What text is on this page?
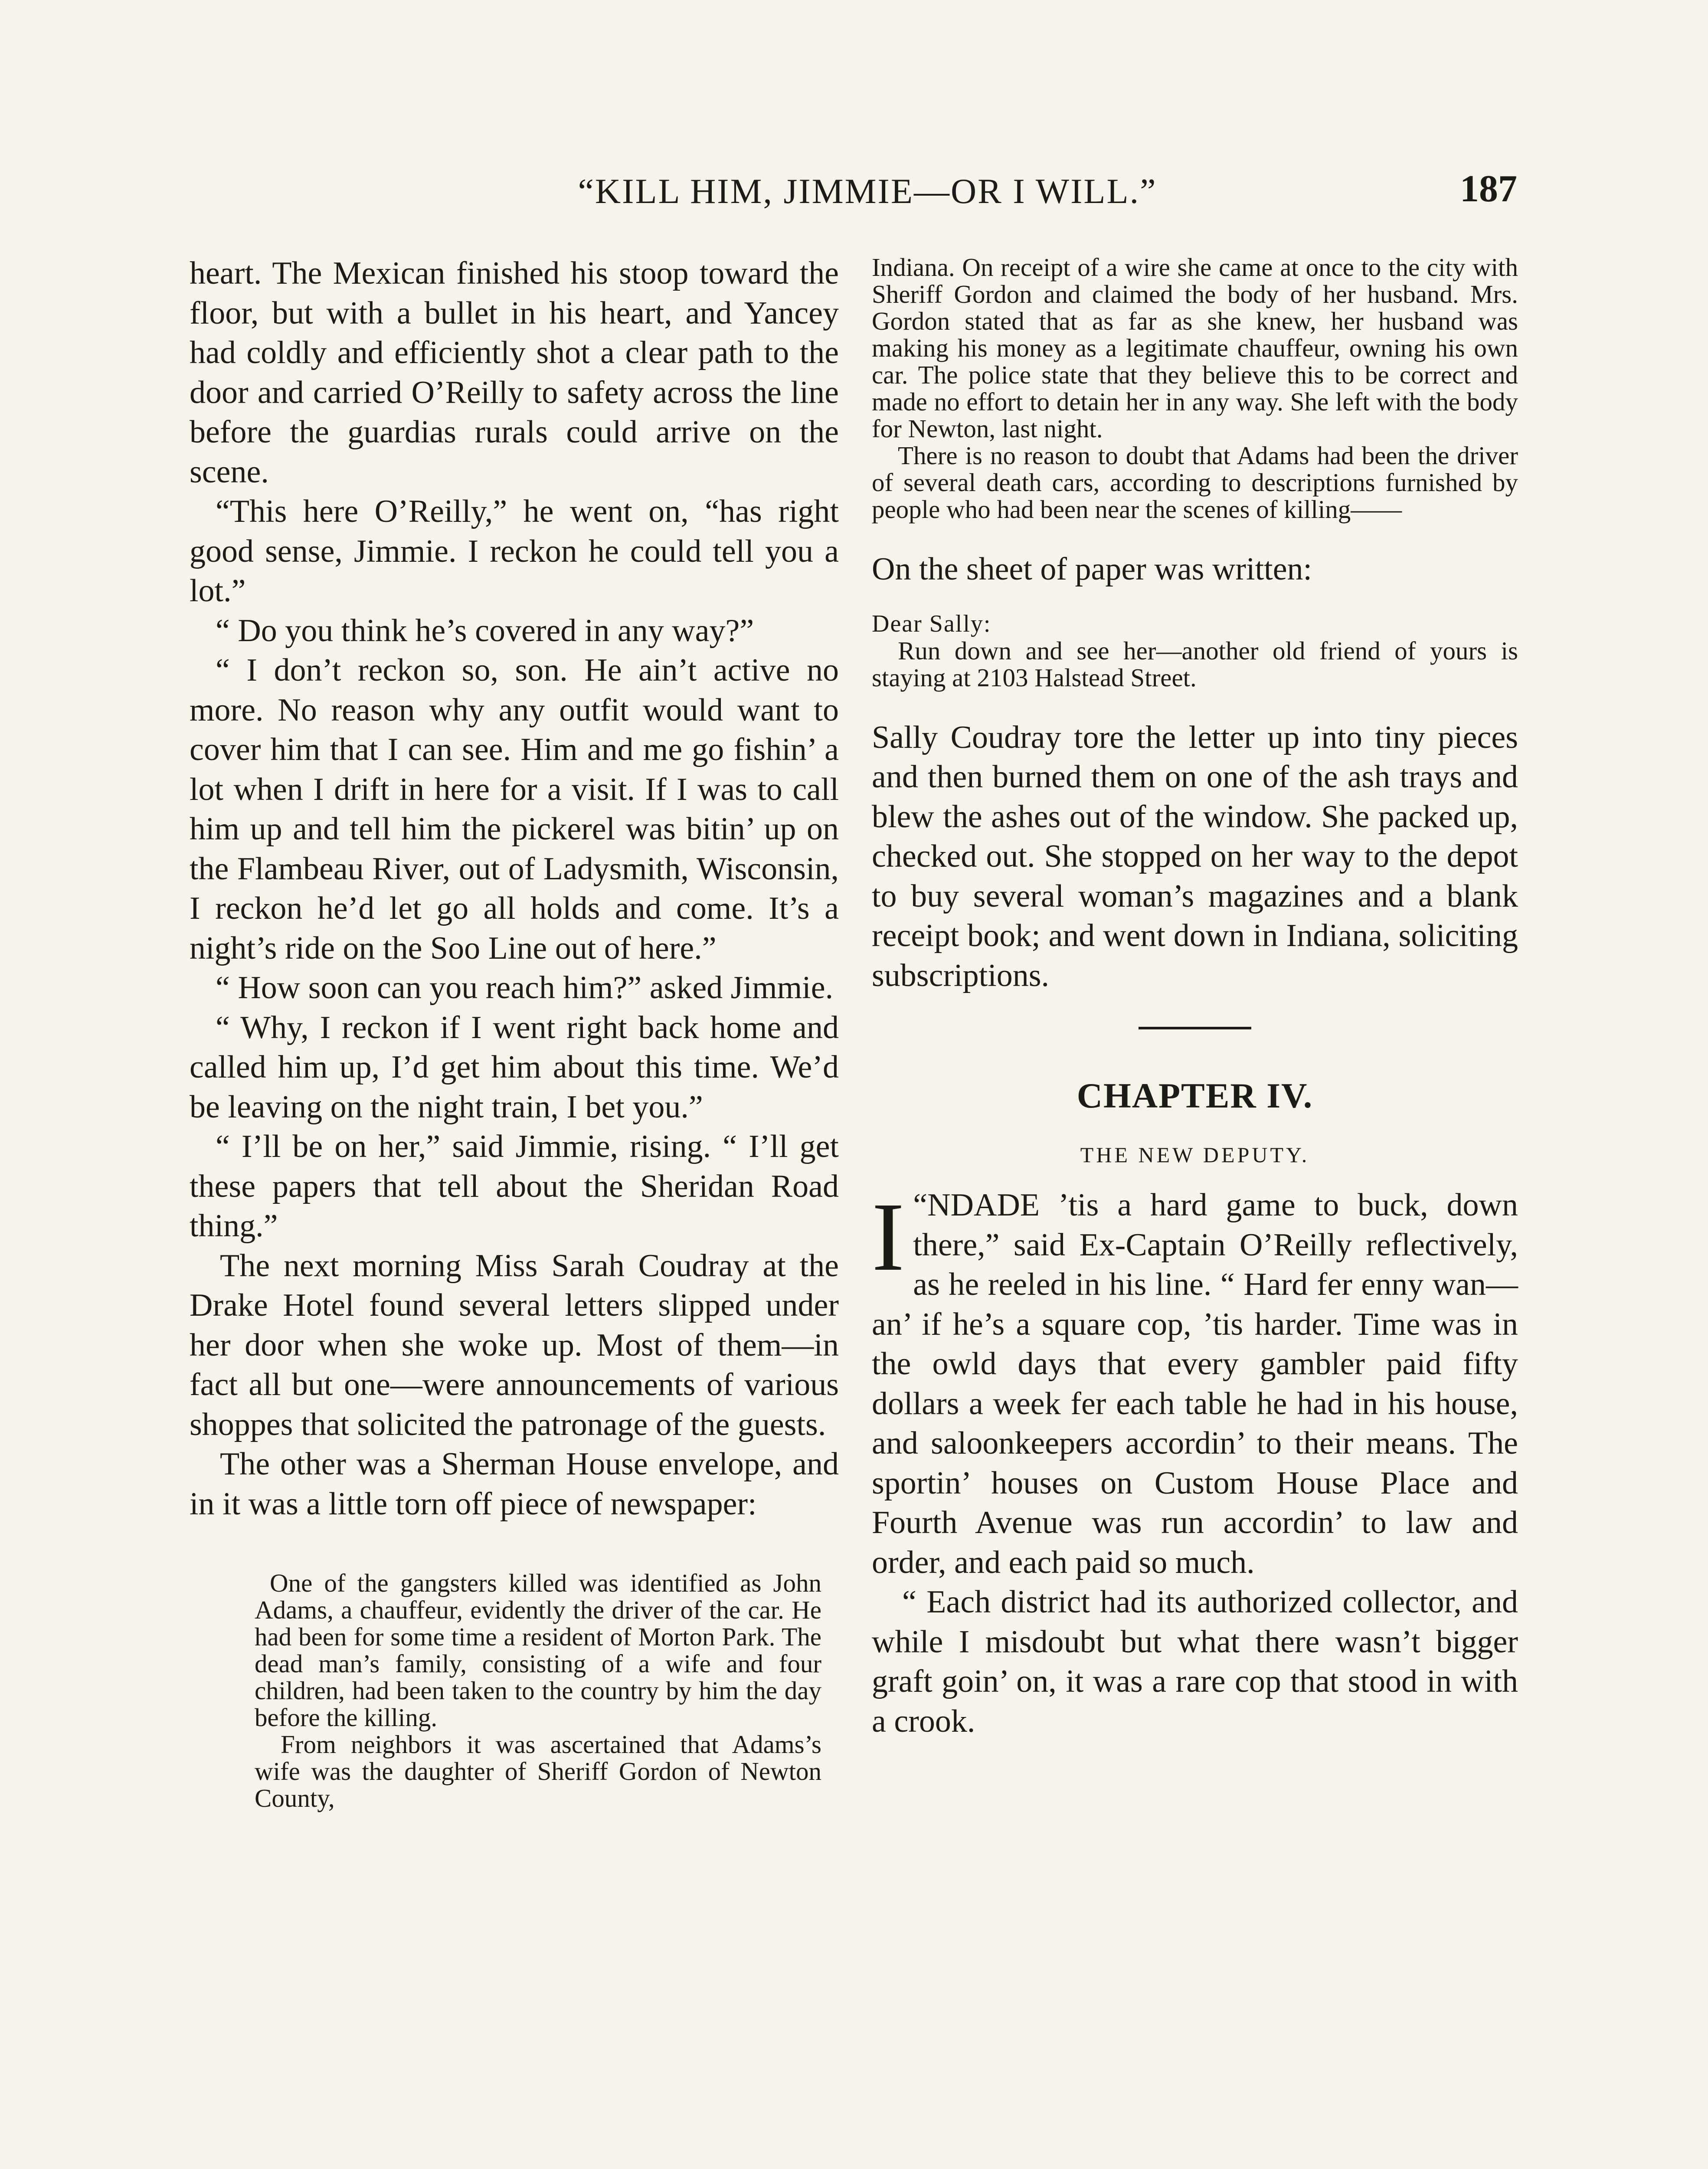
“KILL HIM, JIMMIE—OR I WILL.”	187

heart. The Mexican finished his stoop toward the floor, but with a bullet in his heart, and Yancey had coldly and efficiently shot a clear path to the door and carried O’Reilly to safety across the line before the guardias rurals could arrive on the scene.

“This here O’Reilly,” he went on, “has right good sense, Jimmie. I reckon he could tell you a lot.”

“ Do you think he’s covered in any way?”

“ I don’t reckon so, son. He ain’t active no more. No reason why any outfit would want to cover him that I can see. Him and me go fishin’ a lot when I drift in here for a visit. If I was to call him up and tell him the pickerel was bitin’ up on the Flambeau River, out of Ladysmith, Wisconsin, I reckon he’d let go all holds and come. It’s a night’s ride on the Soo Line out of here.”

“ How soon can you reach him?” asked Jimmie.

“ Why, I reckon if I went right back home and called him up, I’d get him about this time. We’d be leaving on the night train, I bet you.”

“ I’ll be on her,” said Jimmie, rising. “ I’ll get these papers that tell about the Sheridan Road thing.”

The next morning Miss Sarah Coudray at the Drake Hotel found several letters slipped under her door when she woke up. Most of them—in fact all but one—were announcements of various shoppes that solicited the patronage of the guests.

The other was a Sherman House envelope, and in it was a little torn off piece of newspaper:

One of the gangsters killed was identified as John Adams, a chauffeur, evidently the driver of the car. He had been for some time a resident of Morton Park. The dead man’s family, consisting of a wife and four children, had been taken to the country by him the day before the killing.

From neighbors it was ascertained that Adams’s wife was the daughter of Sheriff Gordon of Newton County,

Indiana. On receipt of a wire she came at once to the city with Sheriff Gordon and claimed the body of her husband. Mrs. Gordon stated that as far as she knew, her husband was making his money as a legitimate chauffeur, owning his own car. The police state that they believe this to be correct and made no effort to detain her in any way. She left with the body for Newton, last night.

There is no reason to doubt that Adams had been the driver of several death cars, according to descriptions furnished by people who had been near the scenes of killing——

On the sheet of paper was written:

Dear Sally:

Run down and see her—another old friend of yours is staying at 2103 Halstead Street.

Sally Coudray tore the letter up into tiny pieces and then burned them on one of the ash trays and blew the ashes out of the window. She packed up, checked out. She stopped on her way to the depot to buy several woman’s magazines and a blank receipt book; and went down in Indiana, soliciting subscriptions.

CHAPTER IV.
THE NEW DEPUTY.

“
I NDADE ’tis a hard game to buck, down there,” said Ex-Captain O’Reilly reflectively, as he reeled in his line. “ Hard fer enny wan—an’ if he’s a square cop, ’tis harder. Time was in the owld days that every gambler paid fifty dollars a week fer each table he had in his house, and saloonkeepers accordin’ to their means. The sportin’ houses on Custom House Place and Fourth Avenue was run accordin’ to law and order, and each paid so much.

“ Each district had its authorized collector, and while I misdoubt but what there wasn’t bigger graft goin’ on, it was a rare cop that stood in with a crook.
